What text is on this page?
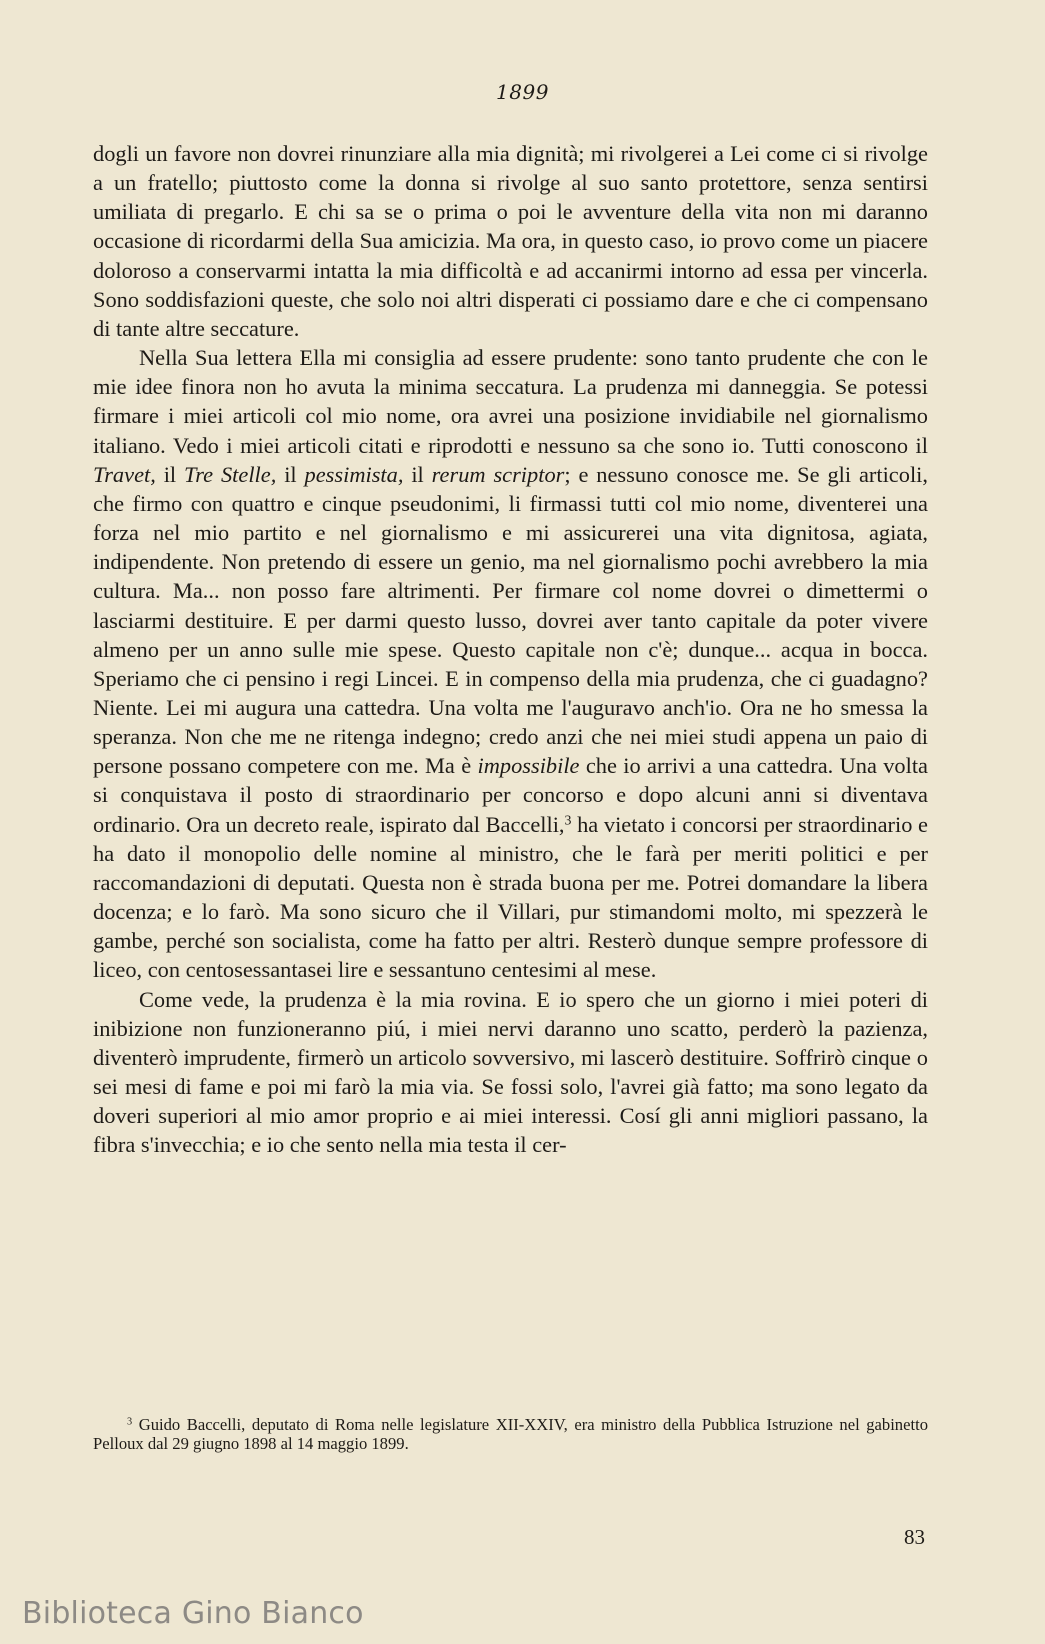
1899

dogli un favore non dovrei rinunziare alla mia dignità; mi rivolgerei a Lei come ci si rivolge a un fratello; piuttosto come la donna si rivolge al suo santo protettore, senza sentirsi umiliata di pregarlo. E chi sa se o prima o poi le avventure della vita non mi daranno occasione di ricordarmi della Sua amicizia. Ma ora, in questo caso, io provo come un piacere doloroso a conservarmi intatta la mia difficoltà e ad accanirmi intorno ad essa per vincerla. Sono soddisfazioni queste, che solo noi altri disperati ci possiamo dare e che ci compensano di tante altre seccature.

Nella Sua lettera Ella mi consiglia ad essere prudente: sono tanto prudente che con le mie idee finora non ho avuta la minima seccatura. La prudenza mi danneggia. Se potessi firmare i miei articoli col mio nome, ora avrei una posizione invidiabile nel giornalismo italiano. Vedo i miei articoli citati e riprodotti e nessuno sa che sono io. Tutti conoscono il Travet, il Tre Stelle, il pessimista, il rerum scriptor; e nessuno conosce me. Se gli articoli, che firmo con quattro e cinque pseudonimi, li firmassi tutti col mio nome, diventerei una forza nel mio partito e nel giornalismo e mi assicurerei una vita dignitosa, agiata, indipendente. Non pretendo di essere un genio, ma nel giornalismo pochi avrebbero la mia cultura. Ma... non posso fare altrimenti. Per firmare col nome dovrei o dimettermi o lasciarmi destituire. E per darmi questo lusso, dovrei aver tanto capitale da poter vivere almeno per un anno sulle mie spese. Questo capitale non c'è; dunque... acqua in bocca. Speriamo che ci pensino i regi Lincei. E in compenso della mia prudenza, che ci guadagno? Niente. Lei mi augura una cattedra. Una volta me l'auguravo anch'io. Ora ne ho smessa la speranza. Non che me ne ritenga indegno; credo anzi che nei miei studi appena un paio di persone possano competere con me. Ma è impossibile che io arrivi a una cattedra. Una volta si conquistava il posto di straordinario per concorso e dopo alcuni anni si diventava ordinario. Ora un decreto reale, ispirato dal Baccelli,$^3$ ha vietato i concorsi per straordinario e ha dato il monopolio delle nomine al ministro, che le farà per meriti politici e per raccomandazioni di deputati. Questa non è strada buona per me. Potrei domandare la libera docenza; e lo farò. Ma sono sicuro che il Villari, pur stimandomi molto, mi spezzerà le gambe, perché son socialista, come ha fatto per altri. Resterò dunque sempre professore di liceo, con centosessantasei lire e sessantuno centesimi al mese.

Come vede, la prudenza è la mia rovina. E io spero che un giorno i miei poteri di inibizione non funzioneranno piú, i miei nervi daranno uno scatto, perderò la pazienza, diventerò imprudente, firmerò un articolo sovversivo, mi lascerò destituire. Soffrirò cinque o sei mesi di fame e poi mi farò la mia via. Se fossi solo, l'avrei già fatto; ma sono legato da doveri superiori al mio amor proprio e ai miei interessi. Cosí gli anni migliori passano, la fibra s'invecchia; e io che sento nella mia testa il cer-

$^3$ Guido Baccelli, deputato di Roma nelle legislature XII-XXIV, era ministro della Pubblica Istruzione nel gabinetto Pelloux dal 29 giugno 1898 al 14 maggio 1899.
83
Biblioteca Gino Bianco
